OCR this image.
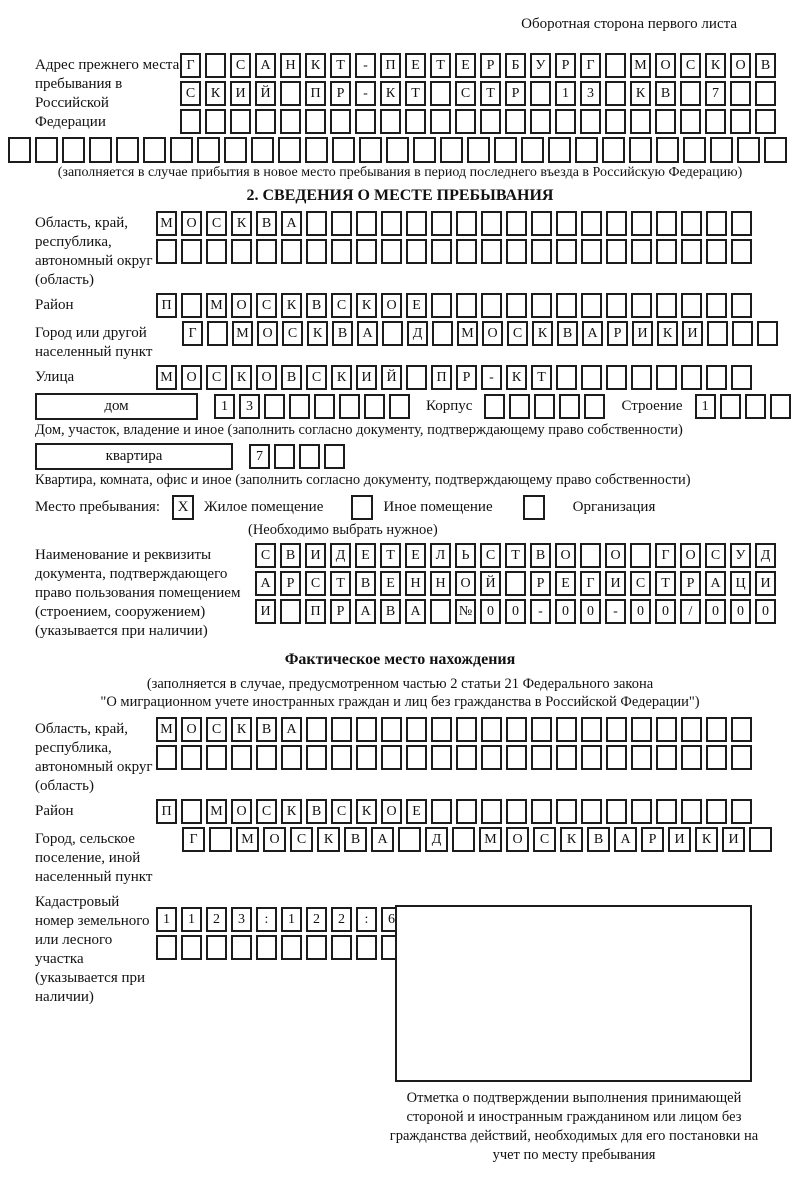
Оборотная сторона первого листа
Адрес прежнего места пребывания в Российской Федерации
Г	С	А	Н	К	Т	-	П	Е	Т	Е	Р	Б	У	Р	Г	М О	С	К	О	В
С	К	И	Й	П	Р	-	К	Т	С	Т	Р	1	3	К	В	7
(заполняется в случае прибытия в новое место пребывания в период последнего въезда в Российскую Федерацию)
2. СВЕДЕНИЯ О МЕСТЕ ПРЕБЫВАНИЯ
Область, край, республика, автономный округ (область)
М О	С	К	В	А
Район	П	М О	С	К	В	С	К	О	Е
Город или другой населенный пункт
Г	М О	С	К	В	А	Д	М О	С	К	В	А	Р	И	К	И
Улица	М О	С	К	О	В	С	К	И	Й	П	Р	-	К	Т
дом	1	3	Корпус	Строение	1
Дом, участок, владение и иное (заполнить согласно документу, подтверждающему право собственности)
квартира	7
Квартира, комната, офис и иное (заполнить согласно документу, подтверждающему право собственности)
Место пребывания:	X	Жилое помещение	Иное помещение	Организация
(Необходимо выбрать нужное)
Наименование и реквизиты документа, подтверждающего право пользования помещением (строением, сооружением) (указывается при наличии)
С	В	И	Д	Е	Т	Е	Л	Ь	С	Т	В	О	О	Г	О	С	У	Д
А	Р	С	Т	В	Е	Н	Н	О	Й	Р	Е	Г	И	С	Т	Р	А	Ц	И
И	П	Р	А	В	А	№	0	0	-	0	0	-	0	0	/	0	0	0
Фактическое место нахождения
(заполняется в случае, предусмотренном частью 2 статьи 21 Федерального закона
"О миграционном учете иностранных граждан и лиц без гражданства в Российской Федерации")
Область, край, республика, автономный округ (область)
М О	С	К	В	А
Район	П	М О	С	К	В	С	К	О	Е
Город, сельское поселение, иной населенный пункт
Г	М	О	С	К	В	А	Д	М	О	С	К	В	А	Р	И	К	И
Кадастровый номер земельного или лесного участка (указывается при наличии)
1	1	2	3	:	1	2	2	:	6
Отметка о подтверждении выполнения принимающей стороной и иностранным гражданином или лицом без гражданства действий, необходимых для его постановки на учет по месту пребывания
